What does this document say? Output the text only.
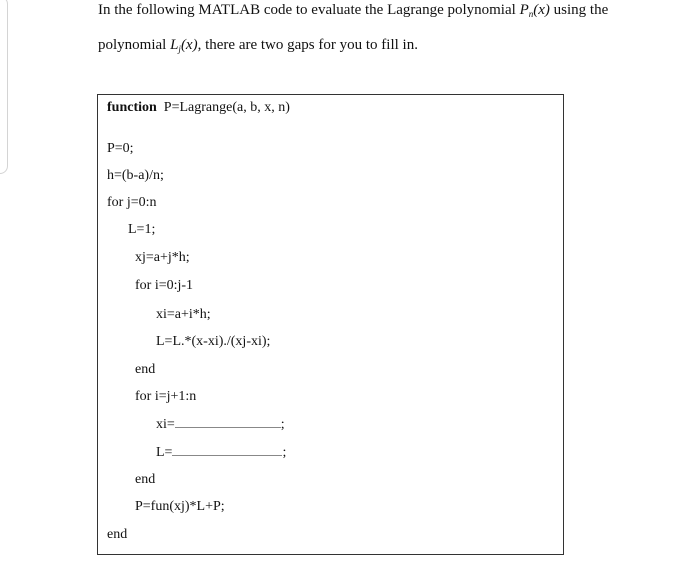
In the following MATLAB code to evaluate the Lagrange polynomial $P_n(x)$ using the
polynomial $L_j(x)$, there are two gaps for you to fill in.
function P=Lagrange(a, b, x, n)
P=0;
h=(b-a)/n;
for j=0:n
L=1;
xj=a+j*h;
for i=0:j-1
xi=a+i*h;
L=L.*(x-xi)./(xj-xi);
end
for i=j+1:n
xi=	;
L=	;
end
P=fun(xj)*L+P;
end
